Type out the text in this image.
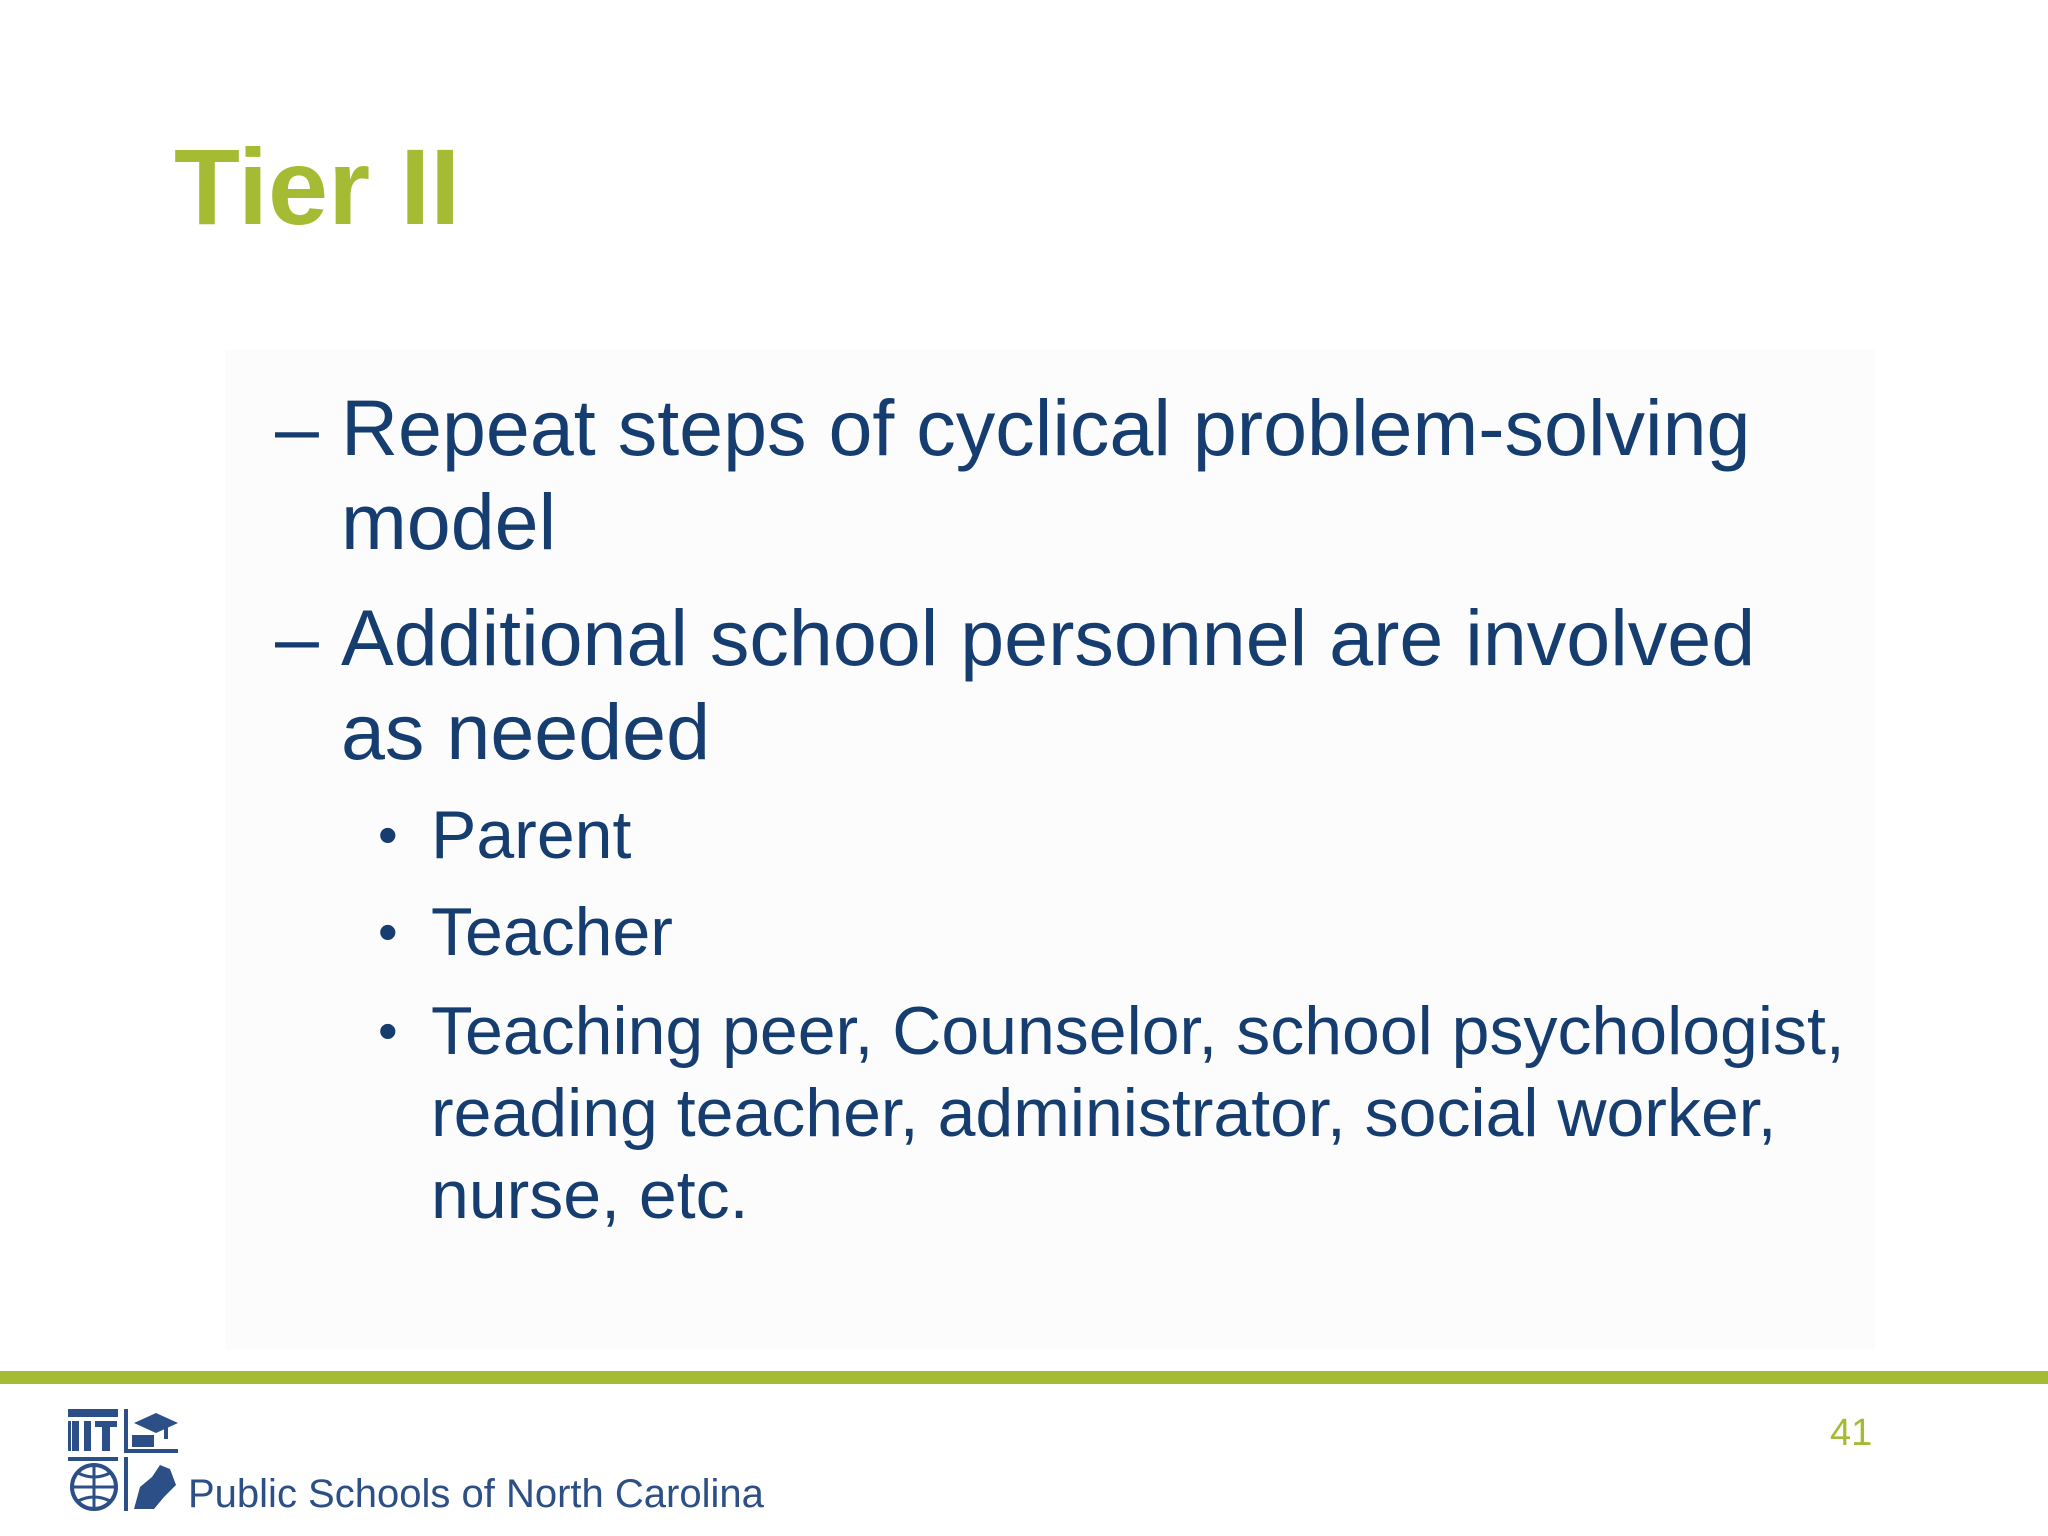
Tier II
– Repeat steps of cyclical problem-solving model
– Additional school personnel are involved as needed
• Parent
• Teacher
• Teaching peer, Counselor, school psychologist, reading teacher, administrator, social worker, nurse, etc.
41
Public Schools of North Carolina
